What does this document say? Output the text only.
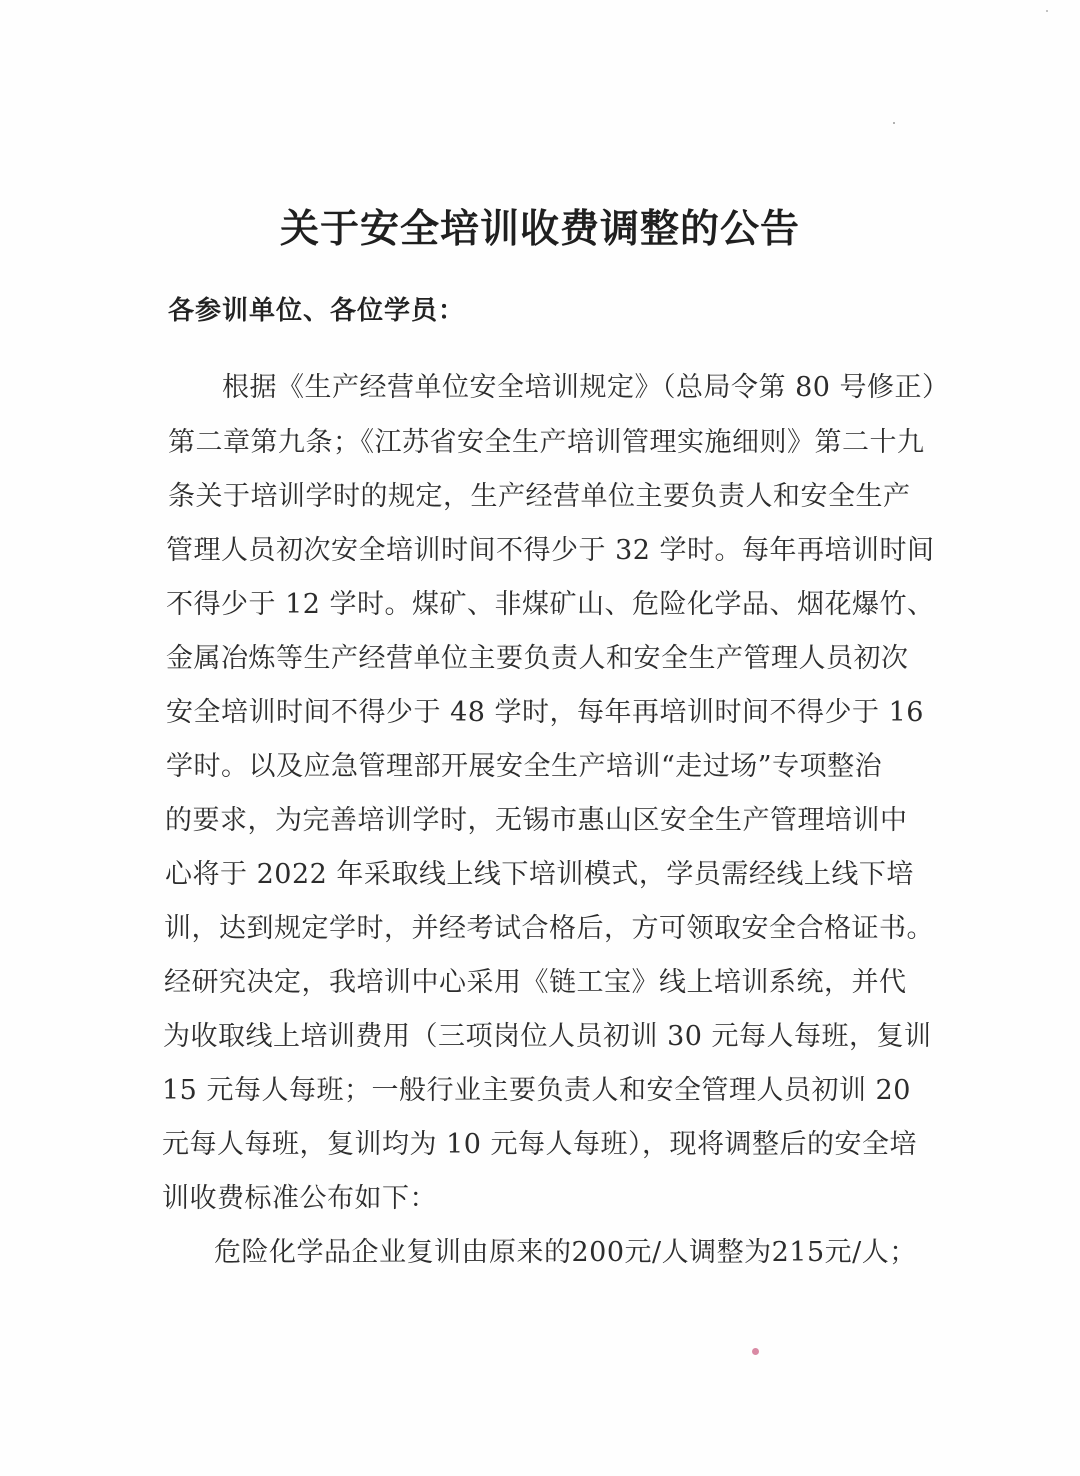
关于安全培训收费调整的公告
各参训单位、各位学员：
根据《生产经营单位安全培训规定》（总局令第 80 号修正）
第二章第九条；《江苏省安全生产培训管理实施细则》第二十九
条关于培训学时的规定，生产经营单位主要负责人和安全生产
管理人员初次安全培训时间不得少于 32 学时。每年再培训时间
不得少于 12 学时。煤矿、非煤矿山、危险化学品、烟花爆竹、
金属冶炼等生产经营单位主要负责人和安全生产管理人员初次
安全培训时间不得少于 48 学时，每年再培训时间不得少于 16
学时。以及应急管理部开展安全生产培训“走过场”专项整治
的要求，为完善培训学时，无锡市惠山区安全生产管理培训中
心将于 2022 年采取线上线下培训模式，学员需经线上线下培
训，达到规定学时，并经考试合格后，方可领取安全合格证书。
经研究决定，我培训中心采用《链工宝》线上培训系统，并代
为收取线上培训费用（三项岗位人员初训 30 元每人每班，复训
15 元每人每班；一般行业主要负责人和安全管理人员初训 20
元每人每班，复训均为 10 元每人每班），现将调整后的安全培
训收费标准公布如下：
危险化学品企业复训由原来的200元/人调整为215元/人；
